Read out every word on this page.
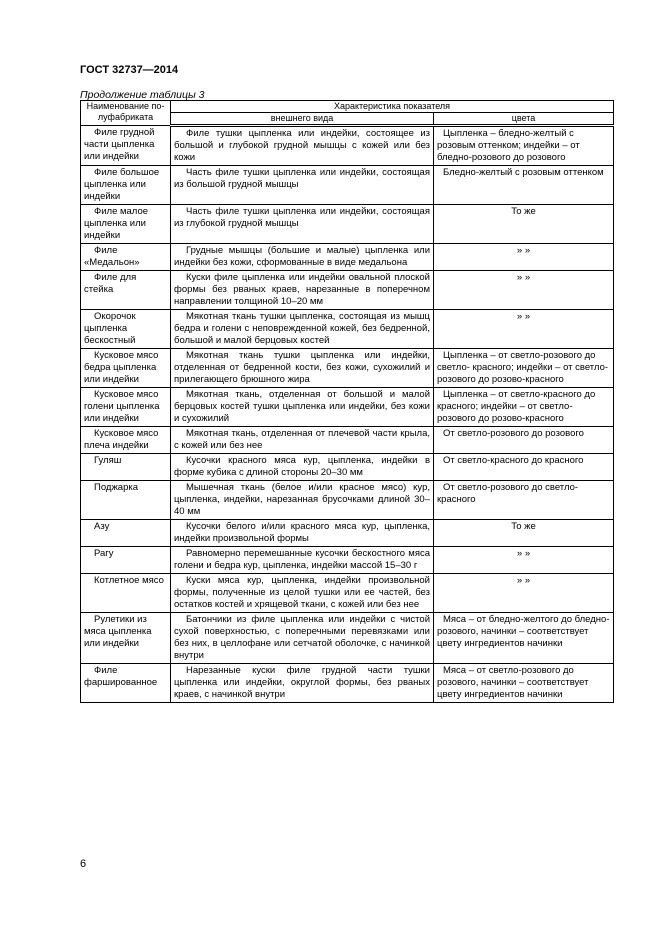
ГОСТ 32737—2014
Продолжение таблицы 3
Наименование по-
луфабриката	Характеристика показателя	
	внешнего вида	цвета
Филе грудной части цыпленка или индейки	Филе тушки цыпленка или индейки, состоящее из большой и глубокой грудной мышцы с кожей или без кожи	Цыпленка – бледно-желтый с розовым оттенком; индейки – от бледно-розового до розового
Филе большое цыпленка или индейки	Часть филе тушки цыпленка или индейки, состоящая из большой грудной мышцы	Бледно-желтый с розовым оттенком
Филе малое цыпленка или индейки	Часть филе тушки цыпленка или индейки, состоящая из глубокой грудной мышцы	То же
Филе «Медальон»	Грудные мышцы (большие и малые) цыпленка или индейки без кожи, сформованные в виде медальона	» »
Филе для стейка	Куски филе цыпленка или индейки овальной плоской формы без рваных краев, нарезанные в поперечном направлении толщиной 10–20 мм	» »
Окорочок цыпленка бескостный	Мякотная ткань тушки цыпленка, состоящая из мышц бедра и голени с неповрежденной кожей, без бедренной, большой и малой берцовых костей	» »
Кусковое мясо бедра цыпленка или индейки	Мякотная ткань тушки цыпленка или индейки, отделенная от бедренной кости, без кожи, сухожилий и прилегающего брюшного жира	Цыпленка – от светло-розового до светло- красного; индейки – от светло-розового до розово-красного
Кусковое мясо голени цыпленка или индейки	Мякотная ткань, отделенная от большой и малой берцовых костей тушки цыпленка или индейки, без кожи и сухожилий	Цыпленка – от светло-красного до красного; индейки – от светло-розового до розово-красного
Кусковое мясо плеча индейки	Мякотная ткань, отделенная от плечевой части крыла, с кожей или без нее	От светло-розового до розового
Гуляш	Кусочки красного мяса кур, цыпленка, индейки в форме кубика с длиной стороны 20–30 мм	От светло-красного до красного
Поджарка	Мышечная ткань (белое и/или красное мясо) кур, цыпленка, индейки, нарезанная брусочками длиной 30–40 мм	От светло-розового до светло-красного
Азу	Кусочки белого и/или красного мяса кур, цыпленка, индейки произвольной формы	То же
Рагу	Равномерно перемешанные кусочки бескостного мяса голени и бедра кур, цыпленка, индейки массой 15–30 г	» »
Котлетное мясо	Куски мяса кур, цыпленка, индейки произвольной формы, полученные из целой тушки или ее частей, без остатков костей и хрящевой ткани, с кожей или без нее	» »
Рулетики из мяса цыпленка или индейки	Батончики из филе цыпленка или индейки с чистой сухой поверхностью, с поперечными перевязками или без них, в целлофане или сетчатой оболочке, с начинкой внутри	Мяса – от бледно-желтого до бледно- розового, начинки – соответствует цвету ингредиентов начинки
Филе фаршированное	Нарезанные куски филе грудной части тушки цыпленка или индейки, округлой формы, без рваных краев, с начинкой внутри	Мяса – от светло-розового до розового, начинки – соответствует цвету ингредиентов начинки
6
